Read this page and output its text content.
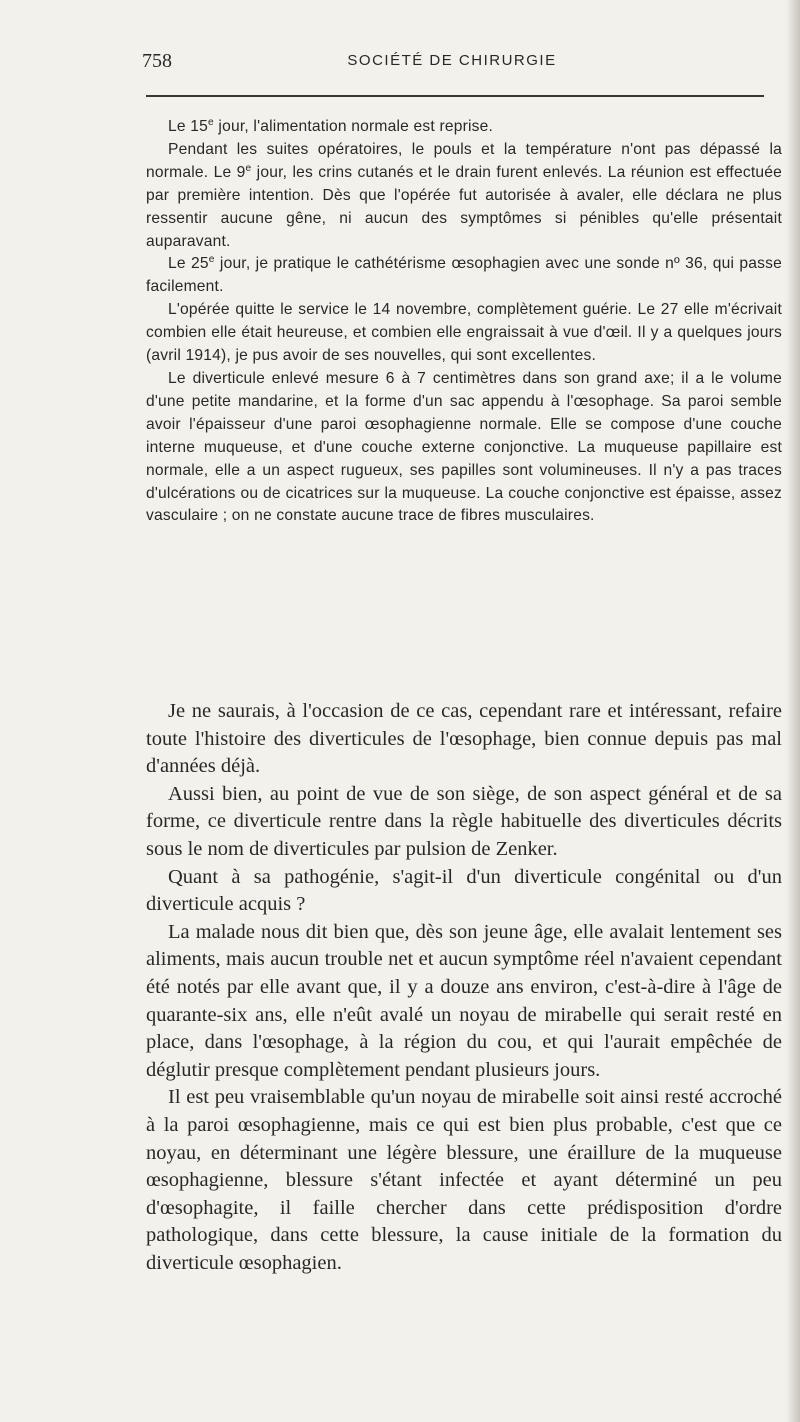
758	SOCIÉTÉ DE CHIRURGIE

Le 15e jour, l'alimentation normale est reprise.

Pendant les suites opératoires, le pouls et la température n'ont pas dépassé la normale. Le 9e jour, les crins cutanés et le drain furent enlevés. La réunion est effectuée par première intention. Dès que l'opérée fut autorisée à avaler, elle déclara ne plus ressentir aucune gêne, ni aucun des symptômes si pénibles qu'elle présentait auparavant.

Le 25e jour, je pratique le cathétérisme œsophagien avec une sonde nº 36, qui passe facilement.

L'opérée quitte le service le 14 novembre, complètement guérie. Le 27 elle m'écrivait combien elle était heureuse, et combien elle engraissait à vue d'œil. Il y a quelques jours (avril 1914), je pus avoir de ses nouvelles, qui sont excellentes.

Le diverticule enlevé mesure 6 à 7 centimètres dans son grand axe; il a le volume d'une petite mandarine, et la forme d'un sac appendu à l'œsophage. Sa paroi semble avoir l'épaisseur d'une paroi œsophagienne normale. Elle se compose d'une couche interne muqueuse, et d'une couche externe conjonctive. La muqueuse papillaire est normale, elle a un aspect rugueux, ses papilles sont volumineuses. Il n'y a pas traces d'ulcérations ou de cicatrices sur la muqueuse. La couche conjonctive est épaisse, assez vasculaire ; on ne constate aucune trace de fibres musculaires.

Je ne saurais, à l'occasion de ce cas, cependant rare et intéressant, refaire toute l'histoire des diverticules de l'œsophage, bien connue depuis pas mal d'années déjà.

Aussi bien, au point de vue de son siège, de son aspect général et de sa forme, ce diverticule rentre dans la règle habituelle des diverticules décrits sous le nom de diverticules par pulsion de Zenker.

Quant à sa pathogénie, s'agit-il d'un diverticule congénital ou d'un diverticule acquis ?

La malade nous dit bien que, dès son jeune âge, elle avalait lentement ses aliments, mais aucun trouble net et aucun symptôme réel n'avaient cependant été notés par elle avant que, il y a douze ans environ, c'est-à-dire à l'âge de quarante-six ans, elle n'eût avalé un noyau de mirabelle qui serait resté en place, dans l'œsophage, à la région du cou, et qui l'aurait empêchée de déglutir presque complètement pendant plusieurs jours.

Il est peu vraisemblable qu'un noyau de mirabelle soit ainsi resté accroché à la paroi œsophagienne, mais ce qui est bien plus probable, c'est que ce noyau, en déterminant une légère blessure, une éraillure de la muqueuse œsophagienne, blessure s'étant infectée et ayant déterminé un peu d'œsophagite, il faille chercher dans cette prédisposition d'ordre pathologique, dans cette blessure, la cause initiale de la formation du diverticule œsophagien.
